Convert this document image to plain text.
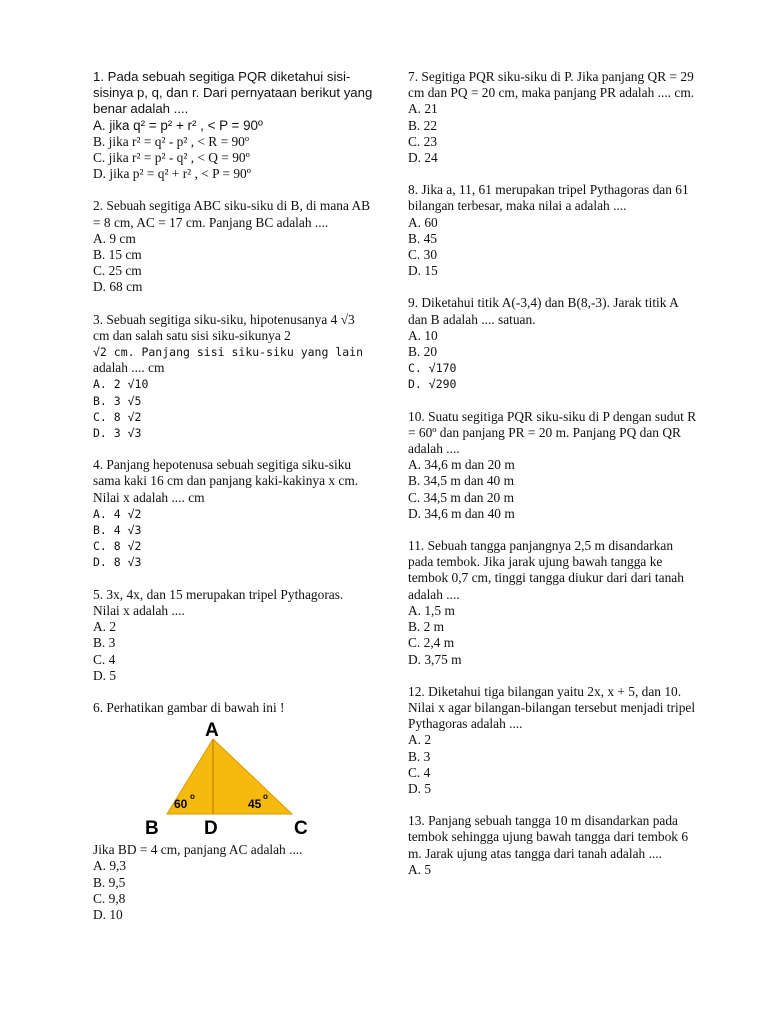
1. Pada sebuah segitiga PQR diketahui sisi-sisinya p, q, dan r. Dari pernyataan berikut yang benar adalah ....

A. jika q² = p² + r² , < P = 90º

B. jika r² = q² - p² , < R = 90º

C. jika r² = p² - q² , < Q = 90º

D. jika p² = q² + r² , < P = 90º

2. Sebuah segitiga ABC siku-siku di B, di mana AB = 8 cm, AC = 17 cm. Panjang BC adalah ....

A. 9 cm

B. 15 cm

C. 25 cm

D. 68 cm

3. Sebuah segitiga siku-siku, hipotenusanya 4 √3 cm dan salah satu sisi siku-sikunya 2

√2 cm. Panjang sisi siku-siku yang lain

adalah .... cm

A. 2 √10

B. 3 √5

C. 8 √2

D. 3 √3

4. Panjang hepotenusa sebuah segitiga siku-siku sama kaki 16 cm dan panjang kaki-kakinya x cm. Nilai x adalah .... cm

A. 4 √2

B. 4 √3

C. 8 √2

D. 8 √3

5. 3x, 4x, dan 15 merupakan tripel Pythagoras. Nilai x adalah ....

A. 2

B. 3

C. 4

D. 5

6. Perhatikan gambar di bawah ini !

A
B D	C
60
o
45
o

Jika BD = 4 cm, panjang AC adalah ....

A. 9,3

B. 9,5

C. 9,8

D. 10

7. Segitiga PQR siku-siku di P. Jika panjang QR = 29 cm dan PQ = 20 cm, maka panjang PR adalah .... cm.

A. 21

B. 22

C. 23

D. 24

8. Jika a, 11, 61 merupakan tripel Pythagoras dan 61 bilangan terbesar, maka nilai a adalah ....

A. 60

B. 45

C. 30

D. 15

9. Diketahui titik A(-3,4) dan B(8,-3). Jarak titik A dan B adalah .... satuan.

A. 10

B. 20

C. √170

D. √290

10. Suatu segitiga PQR siku-siku di P dengan sudut R = 60º dan panjang PR = 20 m. Panjang PQ dan QR adalah ....

A. 34,6 m dan 20 m

B. 34,5 m dan 40 m

C. 34,5 m dan 20 m

D. 34,6 m dan 40 m

11. Sebuah tangga panjangnya 2,5 m disandarkan pada tembok. Jika jarak ujung bawah tangga ke tembok 0,7 cm, tinggi tangga diukur dari dari tanah adalah ....

A. 1,5 m

B. 2 m

C. 2,4 m

D. 3,75 m

12. Diketahui tiga bilangan yaitu 2x, x + 5, dan 10. Nilai x agar bilangan-bilangan tersebut menjadi tripel Pythagoras adalah ....

A. 2

B. 3

C. 4

D. 5

13. Panjang sebuah tangga 10 m disandarkan pada tembok sehingga ujung bawah tangga dari tembok 6 m. Jarak ujung atas tangga dari tanah adalah ....

A. 5
